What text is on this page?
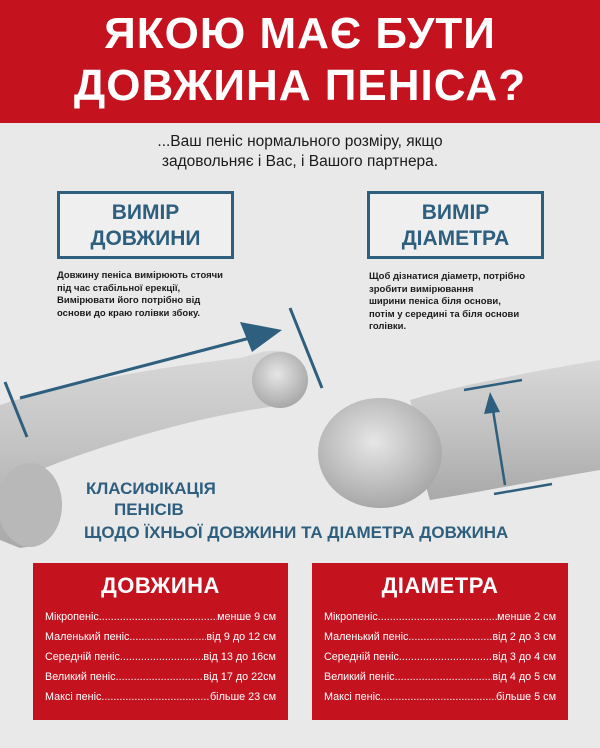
ЯКОЮ МАЄ БУТИ
ДОВЖИНА ПЕНІСА?
...Ваш пеніс нормального розміру, якщо
задовольняє і Вас, і Вашого партнера.
ВИМІР
ДОВЖИНИ
Довжину пеніса вимірюють стоячи
під час стабільної ерекції,
Вимірювати його потрібно від
основи до краю голівки збоку.
ВИМІР
ДІАМЕТРА
Щоб дізнатися діаметр, потрібно
зробити вимірювання
ширини пеніса біля основи,
потім у середині та біля основи
голівки.
КЛАСИФІКАЦІЯ
ПЕНІСІВ
ЩОДО ЇХНЬОЇ ДОВЖИНИ ТА ДІАМЕТРА ДОВЖИНА
ДОВЖИНА
Мікропеніс .....	менше 9 см
Маленький пеніс .....	від 9 до 12 см
Середній пеніс .....	від 13 до 16см
Великий пеніс .....	від 17 до 22см
Максі пеніс .....	більше 23 см
ДІАМЕТРА
Мікропеніс .....	менше 2 см
Маленький пеніс .....	від 2 до 3 см
Середній пеніс .....	від 3 до 4 см
Великий пеніс .....	від 4 до 5 см
Максі пеніс .....	більше 5 см
